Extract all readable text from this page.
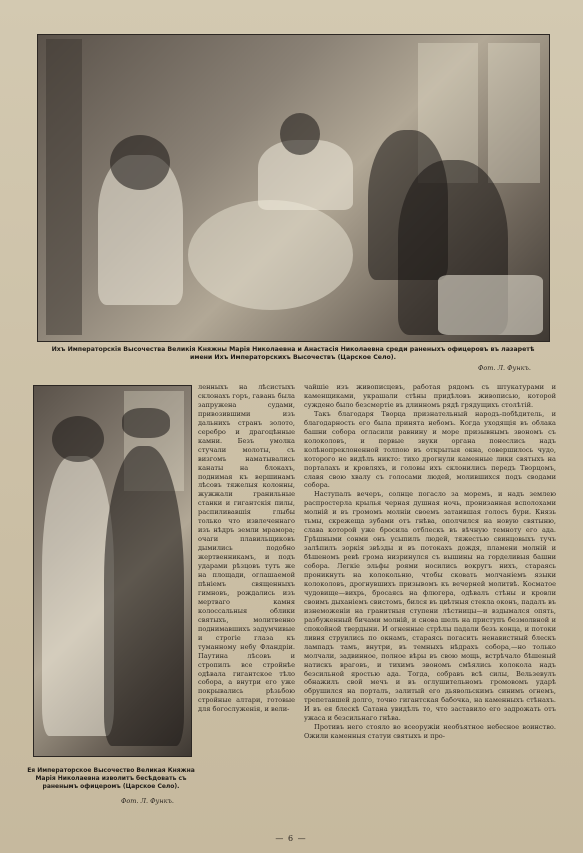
Ихъ Императорскія Высочества Великія Княжны Марія Николаевна и Анастасія Николаевна среди раненыхъ офицеровъ въ лазаретѣ имени Ихъ Императорскихъ Высочествъ (Царское Село).
Фот. Л. Функъ.
Ея Императорское Высочество Великая Княжна Марія Николаевна изволитъ бесѣдовать съ раненымъ офицеромъ (Царское Село).
Фот. Л. Функъ.

ленныхъ на лѣсистыхъ склонахъ горъ, гавань была запружена судами, привозившими изъ дальнихъ странъ золото, серебро и драгоцѣнные камни. Безъ умолка стучали молоты, съ визгомъ наматывались канаты на блокахъ, поднимая къ вершинамъ лѣсовъ тяжелыя колонны, жужжали гранильные станки и гигантскія пилы, распиливавшія глыбы только что извлеченнаго изъ нѣдръ земли мрамора; очаги плавильщиковъ дымились подобно жертвенникамъ, и подъ ударами рѣзцовъ тутъ же на площади, оглашаемой пѣніемъ священныхъ гимновъ, рождались изъ мертваго камня колоссальныя облики святыхъ, молитвенно поднимавшихъ задумчивые и строгіе глаза къ туманному небу Фландріи. Паутина лѣсовъ и стропилъ все стройнѣе одѣвала гигантское тѣло собора, а внутри его уже покрывались рѣзьбою стройные алтари, готовые для богослуженія, и вели-

чайшіе изъ живописцевъ, работая рядомъ съ штукатурами и каменщиками, украшали стѣны придѣловъ живописью, которой суждено было безсмертіе въ длинномъ рядѣ грядущихъ столѣтій.

Такъ благодаря Творца признательный народъ-побѣдитель, и благодарность его была принята небомъ. Когда уходящія въ облака башни собора огласили равнину и море призывнымъ звономъ съ колоколовъ, и первые звуки органа понеслись надъ колѣнопреклоненной толпою въ открытыя окна, совершилось чудо, которого не видѣлъ никто: тихо дрогнули каменные лики святыхъ на порталахъ и кровляхъ, и головы ихъ склонились передъ Творцомъ, славя свою хвалу съ голосами людей, молившихся подъ сводами собора.

Наступалъ вечеръ, солнце погасло за моремъ, и надъ землею распростерла крылья черная душная ночь, пронизанная всполохами молній и въ громомъ молніи своемъ затаившая голосъ бури. Князь тьмы, скрежеща зубами отъ гнѣва, ополчился на новую святыню, слава которой уже бросила отблескъ въ вѣчную темноту его ада. Грѣшными сонми онъ усыпилъ людей, тяжестью свинцовыхъ тучъ залѣпилъ зоркія звѣзды и въ потокахъ дождя, пламени молній и бѣшеномъ ревѣ грома низринулся съ вышины на горделивыя башни собора. Легкіе эльфы роями носились вокругъ нихъ, стараясь проникнуть на колокольню, чтобы сковать молчаніемъ языки колоколовъ, дрогнувшихъ призывомъ къ вечерней молитвѣ. Косматое чудовище—вихрь, бросаясь на флюгера, одѣвалъ стѣны и кровли своимъ дыханіемъ свистомъ, бился въ цвѣтныя стекла оконъ, падалъ въ изнеможеніи на гранитныя ступени лѣстницы—и вздымался опять, разбуженный бичами молній, и снова шелъ на приступъ безмолвной и спокойной твердыни. И огненные стрѣлы падали безъ конца, и потоки ливня струились по окнамъ, стараясь погасить ненавистный блескъ лампадъ тамъ, внутри, въ темныхъ нѣдрахъ собора,—но только молчали, задвинное, полное вѣры въ свою мощь, встрѣчало бѣшеный натискъ враговъ, и тихимъ звономъ смѣялись колокола надъ безсильной яростью ада. Тогда, собравъ всѣ силы, Вельзевулъ обнажилъ свой мечъ и въ оглушительномъ громовомъ ударѣ обрушился на порталъ, залитый его дьявольскимъ синимъ огнемъ, трепетавшей долго, точно гигантская бабочка, на каменныхъ стѣнахъ. И въ ея блескѣ Сатана увидѣлъ то, что заставило его задрожать отъ ужаса и безсильнаго гнѣва.

Противъ него стояло во всеоружіи необъятное небесное воинство. Ожили каменныя статуи святыхъ и про-

— 6 —
